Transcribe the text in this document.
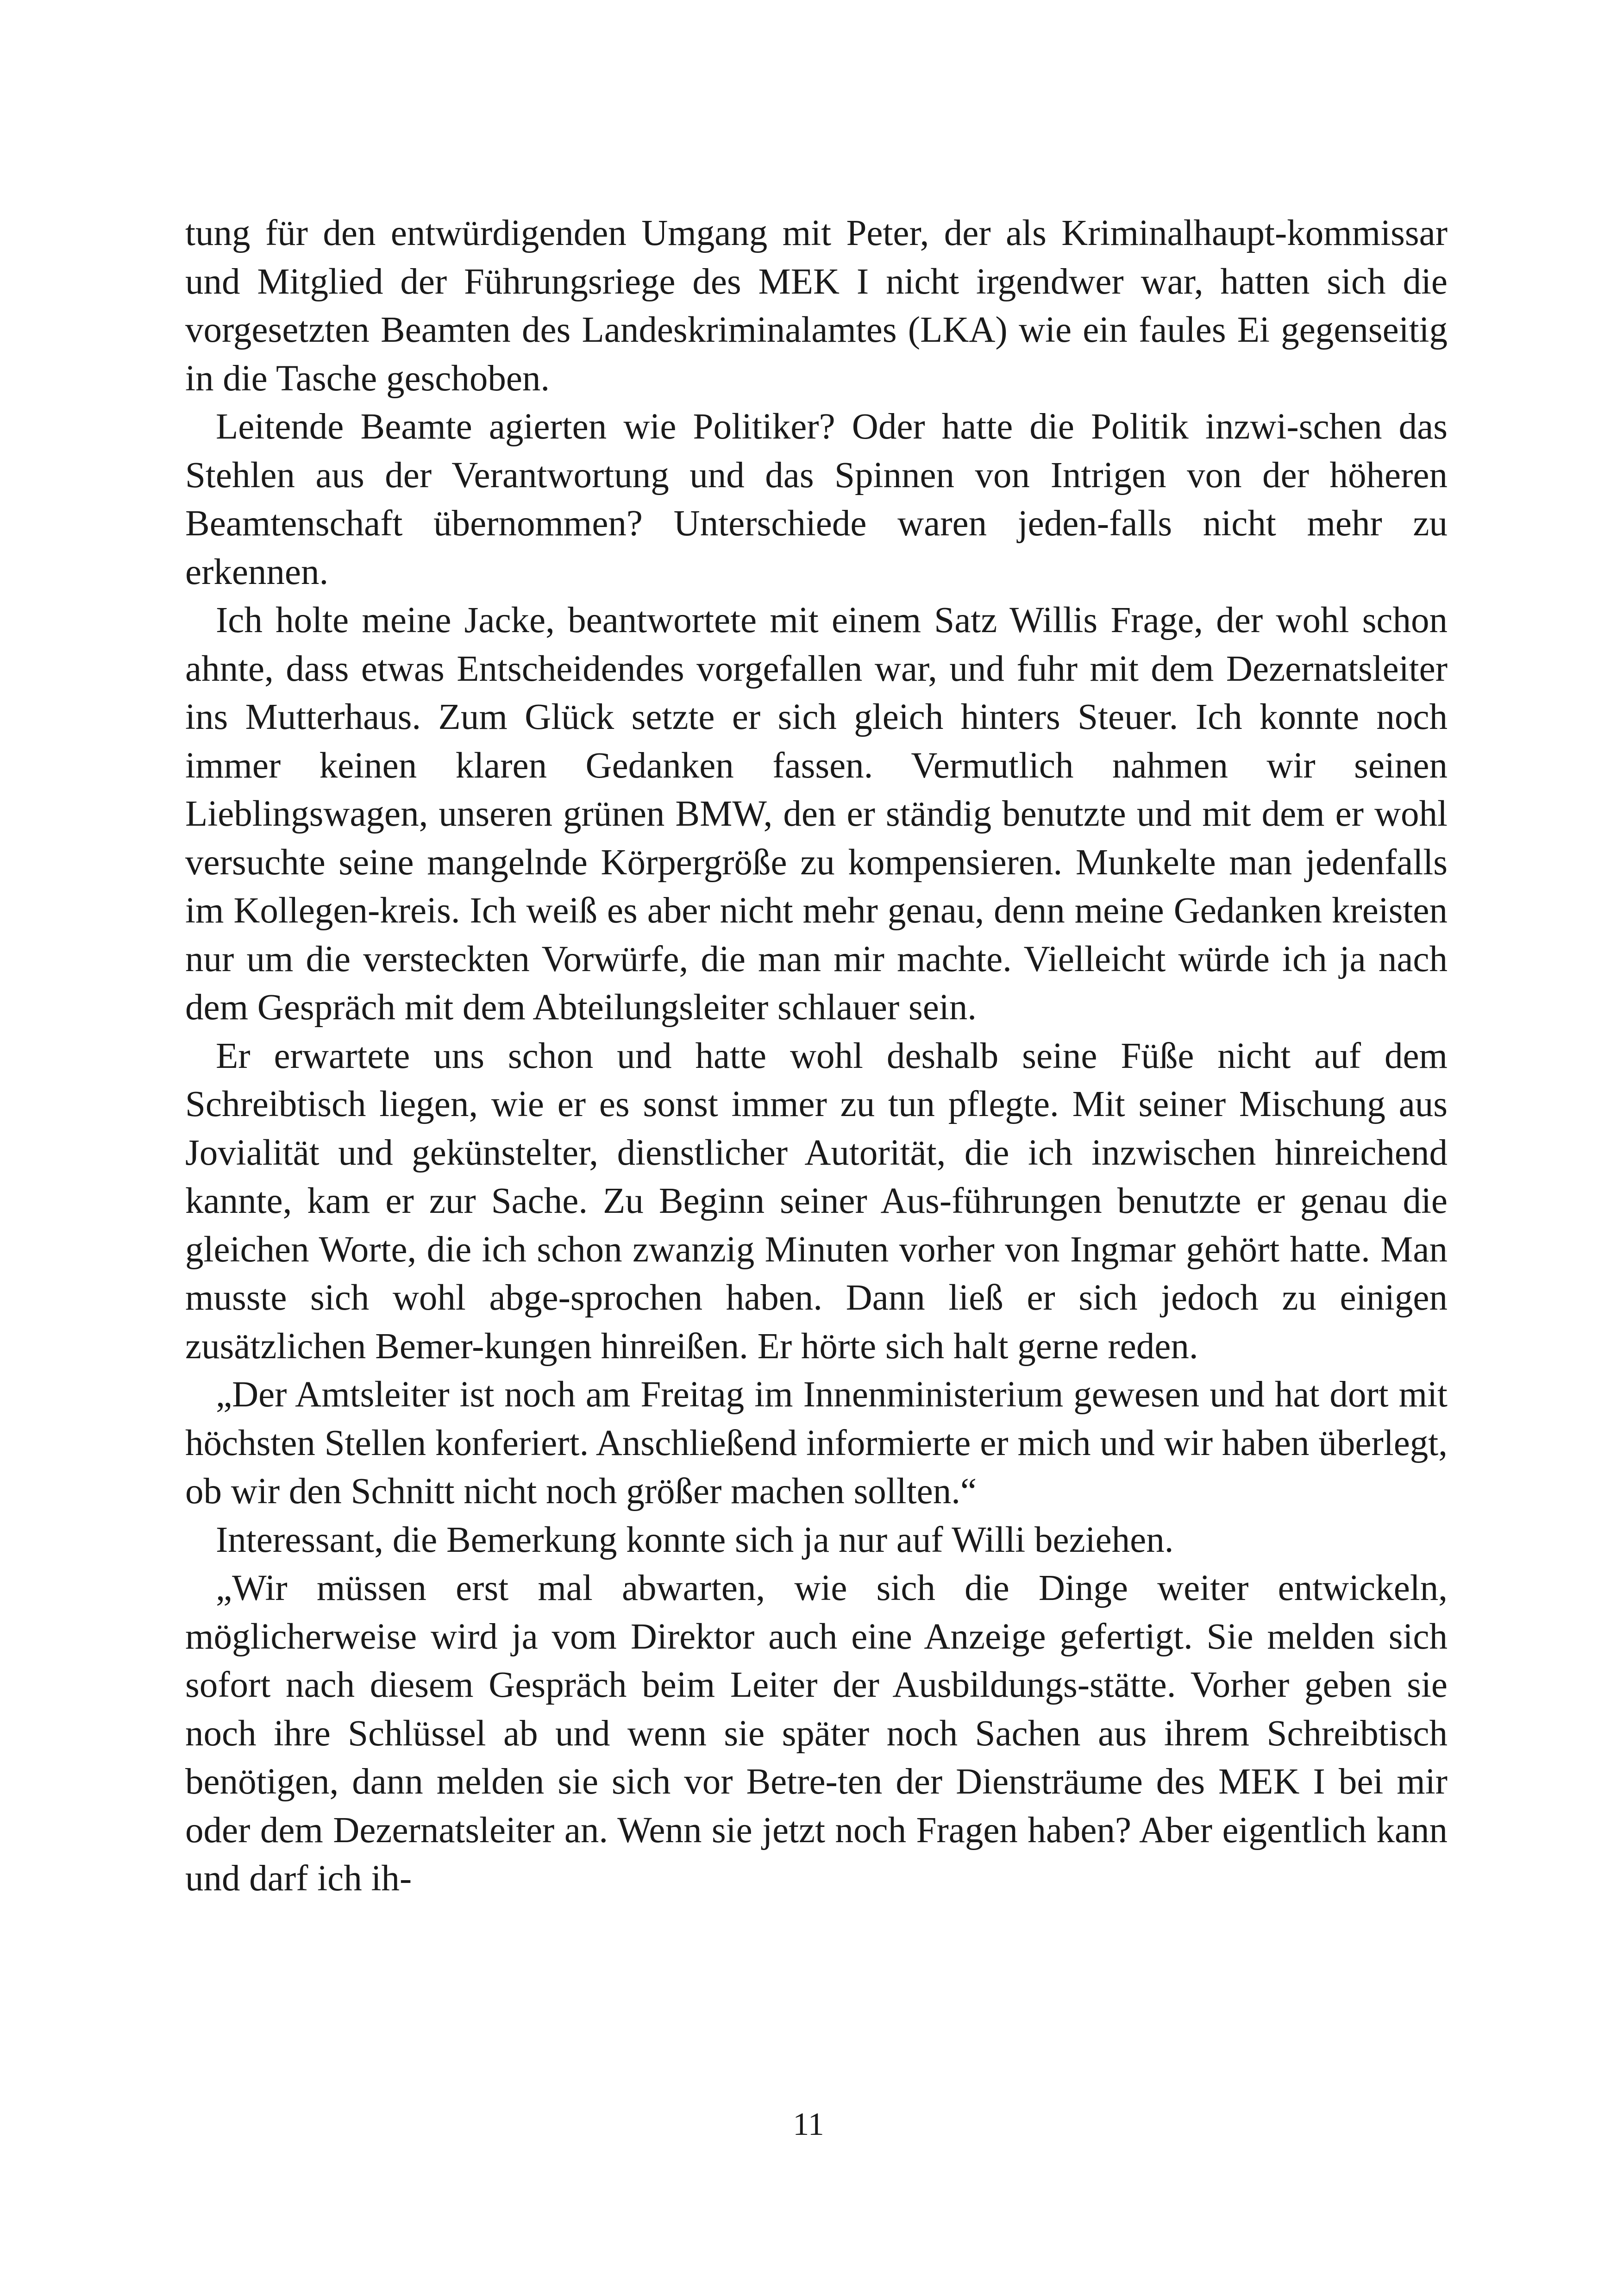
tung für den entwürdigenden Umgang mit Peter, der als Kriminalhaupt-kommissar und Mitglied der Führungsriege des MEK I nicht irgendwer war, hatten sich die vorgesetzten Beamten des Landeskriminalamtes (LKA) wie ein faules Ei gegenseitig in die Tasche geschoben.

Leitende Beamte agierten wie Politiker? Oder hatte die Politik inzwi-schen das Stehlen aus der Verantwortung und das Spinnen von Intrigen von der höheren Beamtenschaft übernommen? Unterschiede waren jeden-falls nicht mehr zu erkennen.

Ich holte meine Jacke, beantwortete mit einem Satz Willis Frage, der wohl schon ahnte, dass etwas Entscheidendes vorgefallen war, und fuhr mit dem Dezernatsleiter ins Mutterhaus. Zum Glück setzte er sich gleich hinters Steuer. Ich konnte noch immer keinen klaren Gedanken fassen. Vermutlich nahmen wir seinen Lieblingswagen, unseren grünen BMW, den er ständig benutzte und mit dem er wohl versuchte seine mangelnde Körpergröße zu kompensieren. Munkelte man jedenfalls im Kollegen-kreis. Ich weiß es aber nicht mehr genau, denn meine Gedanken kreisten nur um die versteckten Vorwürfe, die man mir machte. Vielleicht würde ich ja nach dem Gespräch mit dem Abteilungsleiter schlauer sein.

Er erwartete uns schon und hatte wohl deshalb seine Füße nicht auf dem Schreibtisch liegen, wie er es sonst immer zu tun pflegte. Mit seiner Mischung aus Jovialität und gekünstelter, dienstlicher Autorität, die ich inzwischen hinreichend kannte, kam er zur Sache. Zu Beginn seiner Aus-führungen benutzte er genau die gleichen Worte, die ich schon zwanzig Minuten vorher von Ingmar gehört hatte. Man musste sich wohl abge-sprochen haben. Dann ließ er sich jedoch zu einigen zusätzlichen Bemer-kungen hinreißen. Er hörte sich halt gerne reden.

„Der Amtsleiter ist noch am Freitag im Innenministerium gewesen und hat dort mit höchsten Stellen konferiert. Anschließend informierte er mich und wir haben überlegt, ob wir den Schnitt nicht noch größer machen sollten.“

Interessant, die Bemerkung konnte sich ja nur auf Willi beziehen.

„Wir müssen erst mal abwarten, wie sich die Dinge weiter entwickeln, möglicherweise wird ja vom Direktor auch eine Anzeige gefertigt. Sie melden sich sofort nach diesem Gespräch beim Leiter der Ausbildungs-stätte. Vorher geben sie noch ihre Schlüssel ab und wenn sie später noch Sachen aus ihrem Schreibtisch benötigen, dann melden sie sich vor Betre-ten der Diensträume des MEK I bei mir oder dem Dezernatsleiter an. Wenn sie jetzt noch Fragen haben? Aber eigentlich kann und darf ich ih-

11
